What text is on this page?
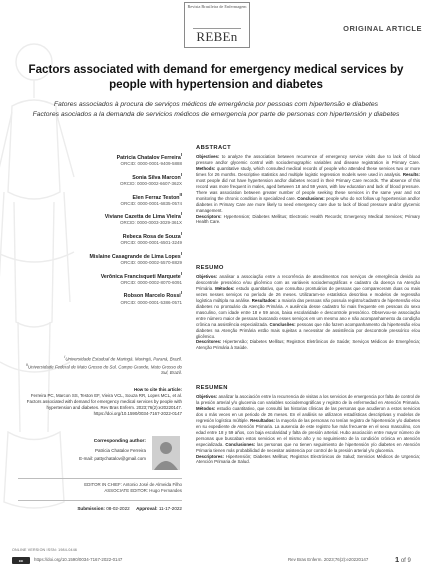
Revista Brasileira de Enfermagem
REBEn
ORIGINAL ARTICLE
Factors associated with demand for emergency medical services by people with hypertension and diabetes
Fatores associados à procura de serviços médicos de emergência por pessoas com hipertensão e diabetes
Factores asociados a la demanda de servicios médicos de emergencia por parte de personas con hipertensión y diabetes
Patricia Chatalov Ferreira$^I$
ORCID: 0000-0001-9409-5888
Sonia Silva Marcon$^I$
ORCID: 0000-0002-6607-362X
Elen Ferraz Teston$^{II}$
ORCID: 0000-0001-6835-0574
Viviane Cazetta de Lima Vieira$^I$
ORCID: 0000-0003-3029-361X
Rebeca Rosa de Souza$^I$
ORCID: 0000-0001-6501-3249
Mislaine Casagrande de Lima Lopes$^I$
ORCID: 0000-0002-5570-8829
Verônica Francisqueti Marquete$^I$
ORCID: 0000-0002-8070-6091
Robson Marcelo Rossi$^I$
ORCID: 0000-0001-5386-0571

$^I$Universidade Estadual de Maringá. Maringá, Paraná, Brazil.

$^{II}$Universidade Federal de Mato Grosso do Sul. Campo Grande, Mato Grosso do Sul, Brazil.

How to cite this article:
Ferreira PC, Marcon SS, Teston EF, Vieira VCL, Souza RR, Lopes MCL, et al. Factors associated with demand for emergency medical services by people with hypertension and diabetes. Rev Bras Enferm. 2023;76(2):e20220147. https://doi.org/10.1590/0034-7167-2022-0147
Corresponding author:
Patricia Chatalov Ferreira
E-mail: pattychatalov@gmail.com
EDITOR IN CHIEF: Antonio José de Almeida Filho
ASSOCIATE EDITOR: Hugo Fernandes
Submission: 08-02-2022 Approval: 11-17-2022
ABSTRACT
Objectives: to analyze the association between recurrence of emergency service visits due to lack of blood pressure and/or glycemic control with sociodemographic variables and disease registration in Primary Care. Methods: quantitative study, which consulted medical records of people who attended these services two or more times for 26 months. Descriptive statistics and multiple logistic regression models were used in analysis. Results: most people did not have hypertension and/or diabetes record in their Primary Care records. The absence of this record was more frequent in males, aged between 18 and 59 years, with low education and lack of blood pressure. There was association between greater number of people seeking these services in the same year and not monitoring the chronic condition in specialized care. Conclusions: people who do not follow up hypertension and/or diabetes in Primary Care are more likely to need emergency care due to lack of blood pressure and/or glycemic management.
Descriptors: Hypertension; Diabetes Mellitus; Electronic Health Records; Emergency Medical Services; Primary Health Care.
RESUMO
Objetivos: analisar a associação entre a recorrência de atendimentos nos serviços de emergência devido ao descontrole pressórico e/ou glicêmico com as variáveis sociodemográficas e cadastro da doença na Atenção Primária. Métodos: estudo quantitativo, que consultou prontuários de pessoas que compareceram duas ou mais vezes nesses serviços no período de 26 meses. Utilizaram-se estatística descritiva e modelos de regressão logística múltipla na análise. Resultados: a maioria das pessoas não possuía registro/cadastro de hipertensão e/ou diabetes no prontuário da Atenção Primária. A ausência desse cadastro foi mais frequente em pessoas do sexo masculino, com idade entre 18 e 59 anos, baixa escolaridade e descontrole pressórico. Observou-se associação entre número maior de pessoas buscando esses serviços em um mesmo ano e não acompanhamento da condição crônica na assistência especializada. Conclusões: pessoas que não fazem acompanhamento da hipertensão e/ou diabetes na Atenção Primária estão mais sujeitas a necessitar de assistência por descontrole pressórico e/ou glicêmico.
Descritores: Hipertensão; Diabetes Mellitus; Registros Eletrônicos de Saúde; Serviços Médicos de Emergência; Atenção Primária à Saúde.
RESUMEN
Objetivos: analizar la asociación entre la recurrencia de visitas a los servicios de emergencia por falta de control de la presión arterial y/o glucemia con variables sociodemográficas y registro de la enfermedad en Atención Primaria. Métodos: estudio cuantitativo, que consultó las historias clínicas de las personas que acudieron a estos servicios dos o más veces en un periodo de 26 meses. En el análisis se utilizaron estadísticas descriptivas y modelos de regresión logística múltiple. Resultados: la mayoría de las personas no tenían registro de hipertensión y/o diabetes en su expediente de Atención Primaria. La ausencia de este registro fue más frecuente en el sexo masculino, con edad entre 18 y 59 años, con baja escolaridad y falta de presión arterial. Hubo asociación entre mayor número de personas que buscaban estos servicios en el mismo año y no seguimiento de la condición crónica en atención especializada. Conclusiones: las personas que no tienen seguimiento de hipertensión y/o diabetes en Atención Primaria tienen más probabilidad de necesitar asistencia por control de la presión arterial y/o glucemia.
Descriptores: Hipertensión; Diabetes Mellitus; Registros Electrónicos de Salud; Servicios Médicos de Urgencia; Atención Primaria de Salud.
ONLINE VERSION ISSN: 1984-0446
cc	https://doi.org/10.1590/0034-7167-2022-0147	Rev Bras Enferm. 2023;76(2):e20220147	1 of 9
